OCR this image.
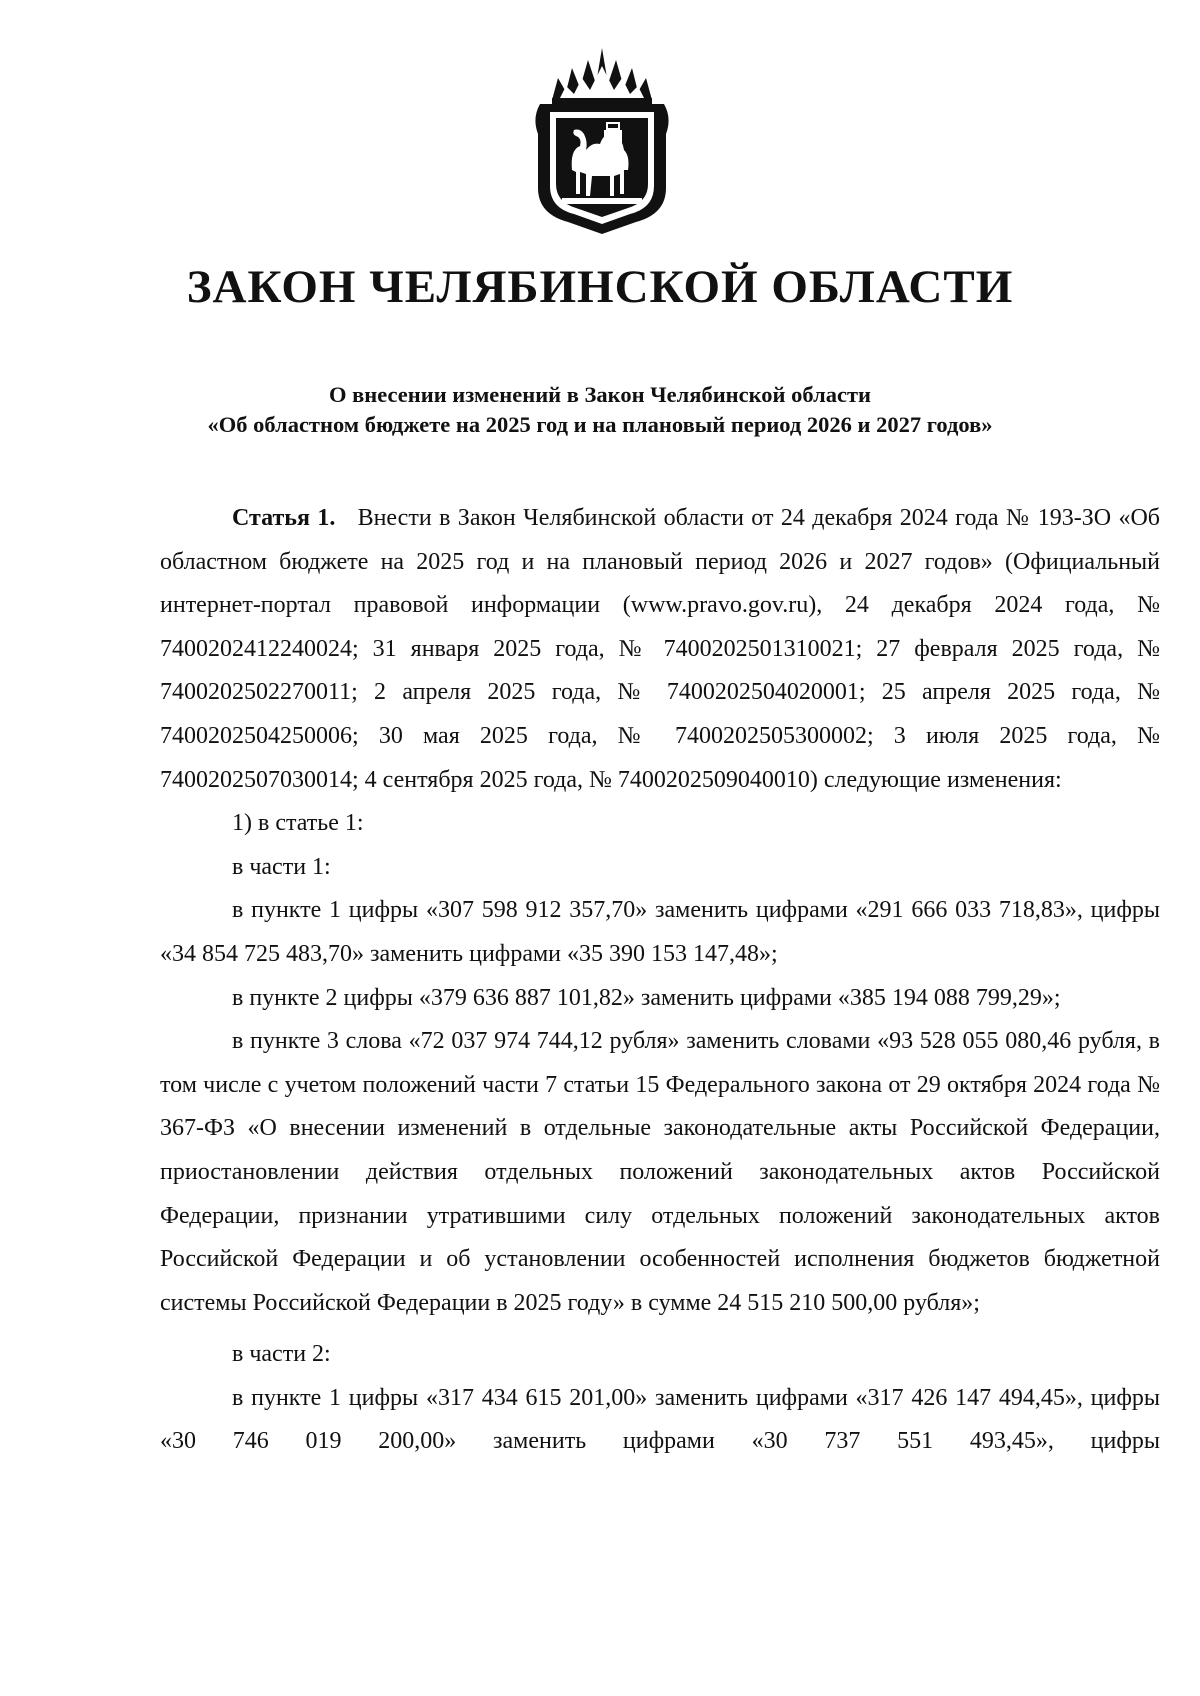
ЗАКОН ЧЕЛЯБИНСКОЙ ОБЛАСТИ
О внесении изменений в Закон Челябинской области
«Об областном бюджете на 2025 год и на плановый период 2026 и 2027 годов»

Статья 1. Внести в Закон Челябинской области от 24 декабря 2024 года № 193-ЗО «Об областном бюджете на 2025 год и на плановый период 2026 и 2027 годов» (Официальный интернет-портал правовой информации (www.pravo.gov.ru), 24 декабря 2024 года, № 7400202412240024; 31 января 2025 года, № 7400202501310021; 27 февраля 2025 года, № 7400202502270011; 2 апреля 2025 года, № 7400202504020001; 25 апреля 2025 года, № 7400202504250006; 30 мая 2025 года, № 7400202505300002; 3 июля 2025 года, № 7400202507030014; 4 сентября 2025 года, № 7400202509040010) следующие изменения:

1) в статье 1:

в части 1:

в пункте 1 цифры «307 598 912 357,70» заменить цифрами «291 666 033 718,83», цифры «34 854 725 483,70» заменить цифрами «35 390 153 147,48»;

в пункте 2 цифры «379 636 887 101,82» заменить цифрами «385 194 088 799,29»;

в пункте 3 слова «72 037 974 744,12 рубля» заменить словами «93 528 055 080,46 рубля, в том числе с учетом положений части 7 статьи 15 Федерального закона от 29 октября 2024 года № 367-ФЗ «О внесении изменений в отдельные законодательные акты Российской Федерации, приостановлении действия отдельных положений законодательных актов Российской Федерации, признании утратившими силу отдельных положений законодательных актов Российской Федерации и об установлении особенностей исполнения бюджетов бюджетной системы Российской Федерации в 2025 году» в сумме 24 515 210 500,00 рубля»;

в части 2:

в пункте 1 цифры «317 434 615 201,00» заменить цифрами «317 426 147 494,45», цифры «30 746 019 200,00» заменить цифрами «30 737 551 493,45», цифры
